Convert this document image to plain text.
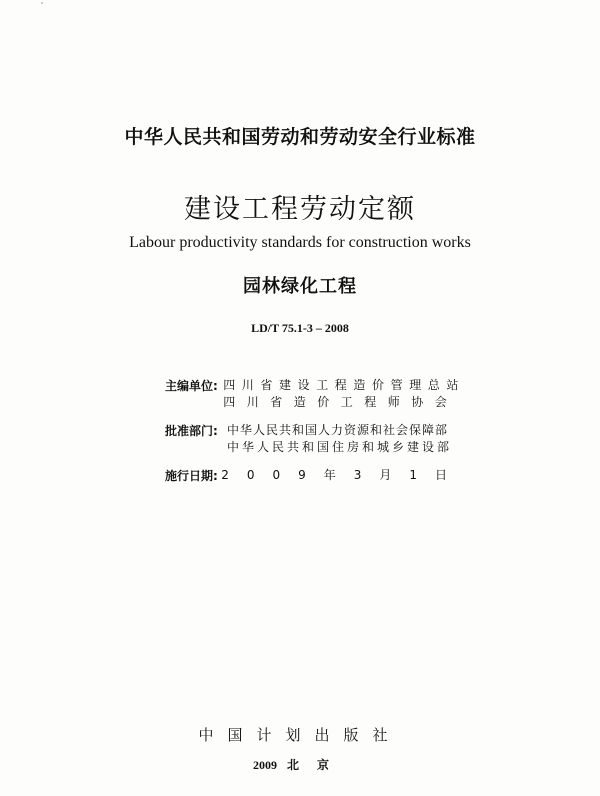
中华人民共和国劳动和劳动安全行业标准
建设工程劳动定额
Labour productivity standards for construction works
园林绿化工程
LD/T 75.1-3 – 2008
主编单位: 四川省建设工程造价管理总站
四川省造价工程师协会
批准部门: 中华人民共和国人力资源和社会保障部
中华人民共和国住房和城乡建设部
施行日期: 2009年3月1日
中国计划出版社
2009 北京
